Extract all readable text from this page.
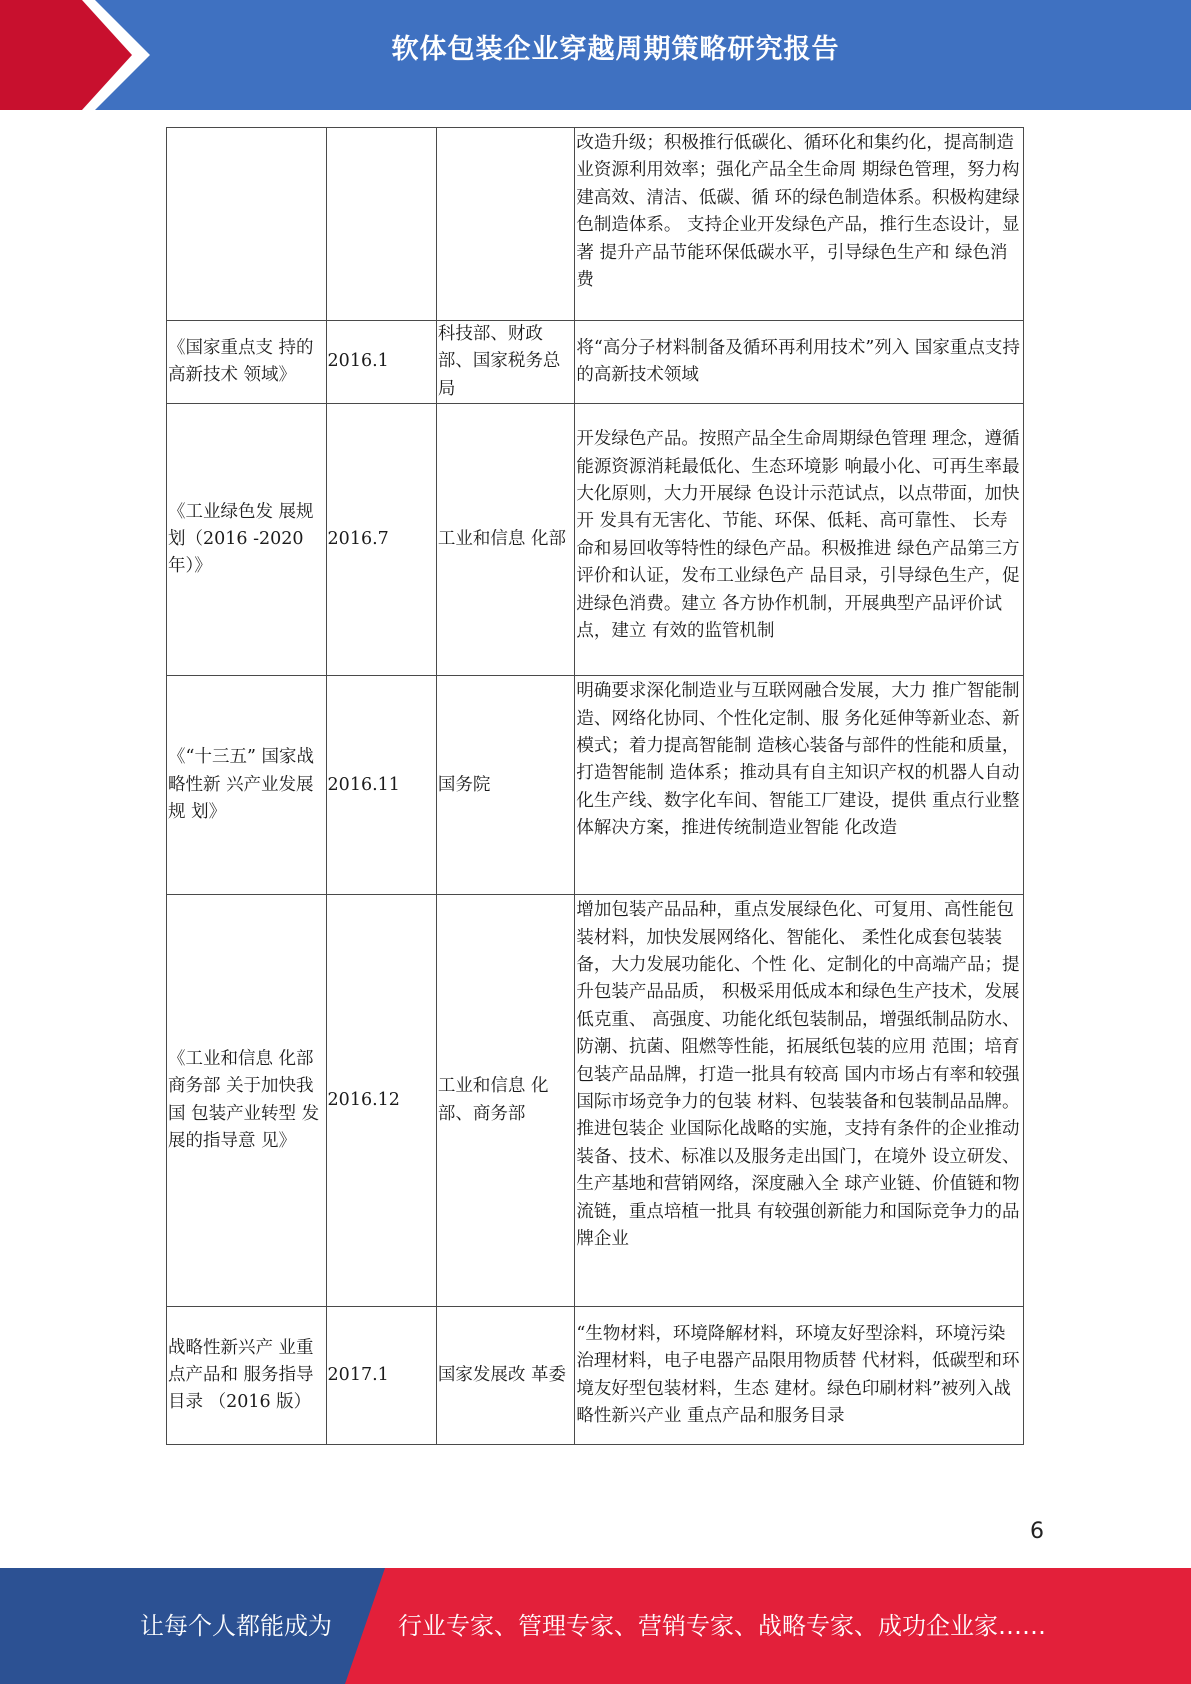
软体包装企业穿越周期策略研究报告
			改造升级；积极推行低碳化、循环化和集约化，提高制造业资源利用效率；强化产品全生命周 期绿色管理，努力构建高效、清洁、低碳、循 环的绿色制造体系。积极构建绿色制造体系。 支持企业开发绿色产品，推行生态设计，显著 提升产品节能环保低碳水平，引导绿色生产和 绿色消费
《国家重点支 持的高新技术 领域》	2016.1	科技部、财政部、国家税务总局	将“高分子材料制备及循环再利用技术”列入 国家重点支持的高新技术领域
《工业绿色发 展规划（2016 -2020 年）》	2016.7	工业和信息 化部	开发绿色产品。按照产品全生命周期绿色管理 理念，遵循能源资源消耗最低化、生态环境影 响最小化、可再生率最大化原则，大力开展绿 色设计示范试点，以点带面，加快开 发具有无害化、节能、环保、低耗、高可靠性、 长寿命和易回收等特性的绿色产品。积极推进 绿色产品第三方评价和认证，发布工业绿色产 品目录，引导绿色生产，促进绿色消费。建立 各方协作机制，开展典型产品评价试点，建立 有效的监管机制
《“十三五” 国家战略性新 兴产业发展规 划》	2016.11	国务院	明确要求深化制造业与互联网融合发展，大力 推广智能制造、网络化协同、个性化定制、服 务化延伸等新业态、新模式；着力提高智能制 造核心装备与部件的性能和质量，打造智能制 造体系；推动具有自主知识产权的机器人自动 化生产线、数字化车间、智能工厂建设，提供 重点行业整体解决方案，推进传统制造业智能 化改造
《工业和信息 化部商务部 关于加快我国 包装产业转型 发展的指导意 见》	2016.12	工业和信息 化部、商务部	增加包装产品品种，重点发展绿色化、可复用、高性能包装材料，加快发展网络化、智能化、 柔性化成套包装装备，大力发展功能化、个性 化、定制化的中高端产品；提升包装产品品质， 积极采用低成本和绿色生产技术，发展低克重、 高强度、功能化纸包装制品，增强纸制品防水、 防潮、抗菌、阻燃等性能，拓展纸包装的应用 范围；培育包装产品品牌，打造一批具有较高 国内市场占有率和较强国际市场竞争力的包装 材料、包装装备和包装制品品牌。推进包装企 业国际化战略的实施，支持有条件的企业推动 装备、技术、标准以及服务走出国门，在境外 设立研发、生产基地和营销网络，深度融入全 球产业链、价值链和物流链，重点培植一批具 有较强创新能力和国际竞争力的品牌企业
战略性新兴产 业重点产品和 服务指导目录 （2016 版）	2017.1	国家发展改 革委	“生物材料，环境降解材料，环境友好型涂料，环境污染治理材料，电子电器产品限用物质替 代材料，低碳型和环境友好型包装材料，生态 建材。绿色印刷材料”被列入战略性新兴产业 重点产品和服务目录
6
让每个人都能成为	行业专家、管理专家、营销专家、战略专家、成功企业家……
